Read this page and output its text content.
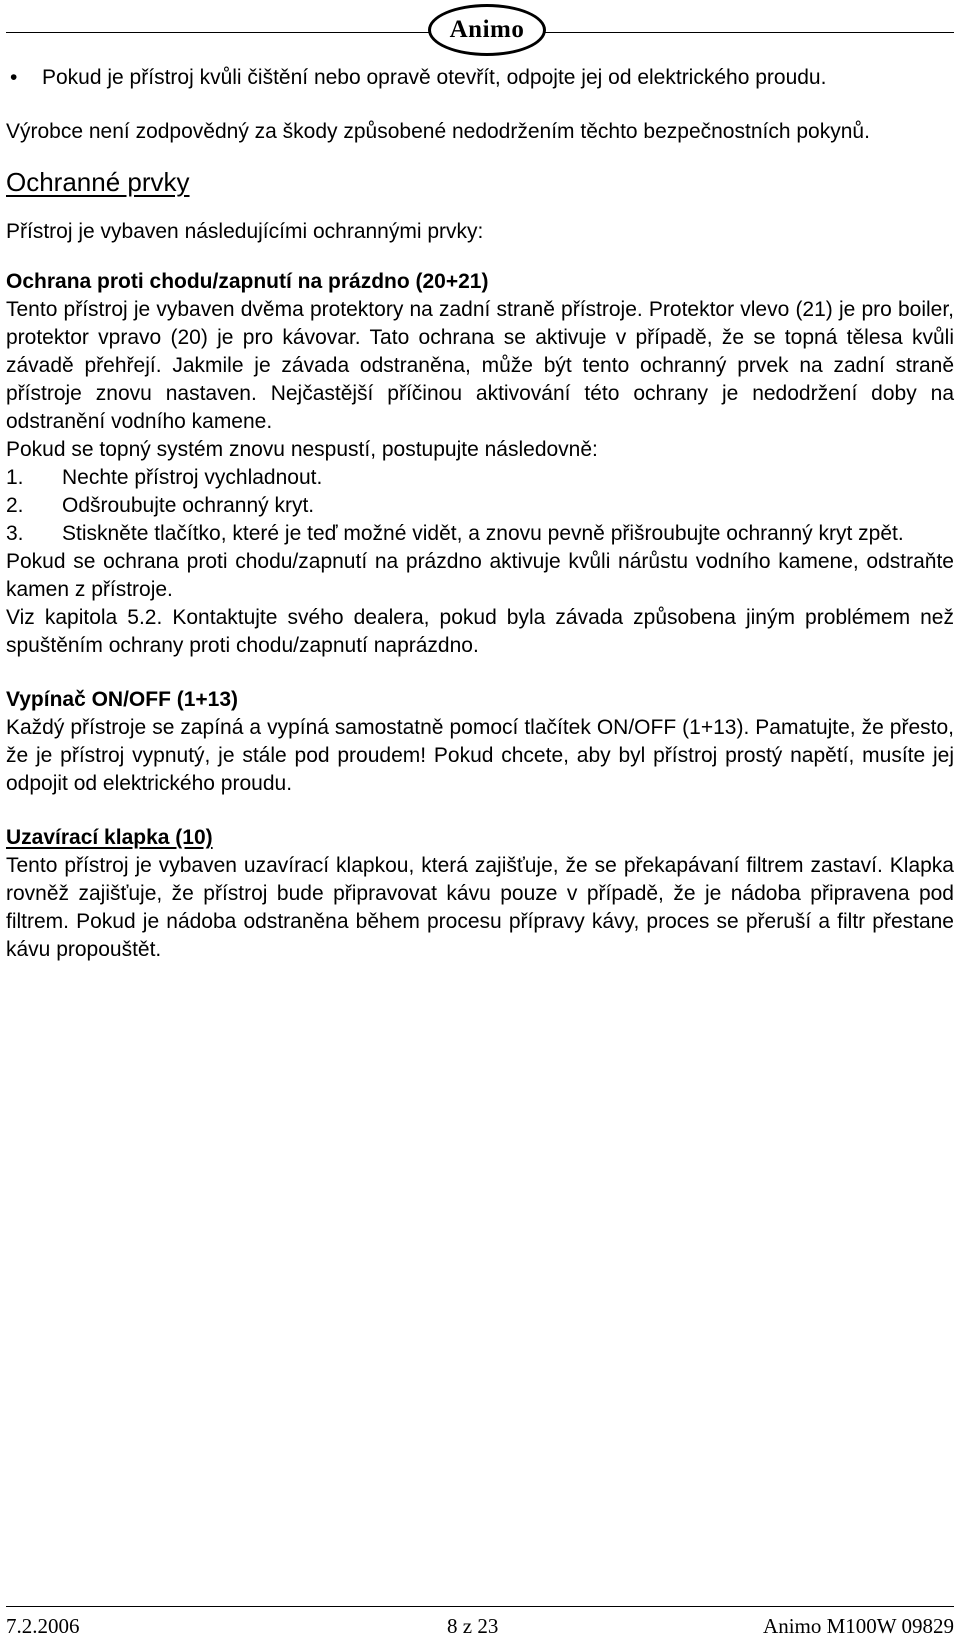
Animo

• Pokud je přístroj kvůli čištění nebo opravě otevřít, odpojte jej od elektrického proudu.

Výrobce není zodpovědný za škody způsobené nedodržením těchto bezpečnostních pokynů.

Ochranné prvky

Přístroj je vybaven následujícími ochrannými prvky:

Ochrana proti chodu/zapnutí na prázdno (20+21)

Tento přístroj je vybaven dvěma protektory na zadní straně přístroje. Protektor vlevo (21) je pro boiler, protektor vpravo (20) je pro kávovar. Tato ochrana se aktivuje v případě, že se topná tělesa kvůli závadě přehřejí. Jakmile je závada odstraněna, může být tento ochranný prvek na zadní straně přístroje znovu nastaven. Nejčastější příčinou aktivování této ochrany je nedodržení doby na odstranění vodního kamene.

Pokud se topný systém znovu nespustí, postupujte následovně:

1. Nechte přístroj vychladnout.

2. Odšroubujte ochranný kryt.

3. Stiskněte tlačítko, které je teď možné vidět, a znovu pevně přišroubujte ochranný kryt zpět.

Pokud se ochrana proti chodu/zapnutí na prázdno aktivuje kvůli nárůstu vodního kamene, odstraňte kamen z přístroje.

Viz kapitola 5.2. Kontaktujte svého dealera, pokud byla závada způsobena jiným problémem než spuštěním ochrany proti chodu/zapnutí naprázdno.

Vypínač ON/OFF (1+13)

Každý přístroje se zapíná a vypíná samostatně pomocí tlačítek ON/OFF (1+13). Pamatujte, že přesto, že je přístroj vypnutý, je stále pod proudem! Pokud chcete, aby byl přístroj prostý napětí, musíte jej odpojit od elektrického proudu.

Uzavírací klapka (10)

Tento přístroj je vybaven uzavírací klapkou, která zajišťuje, že se překapávaní filtrem zastaví. Klapka rovněž zajišťuje, že přístroj bude připravovat kávu pouze v případě, že je nádoba připravena pod filtrem. Pokud je nádoba odstraněna během procesu přípravy kávy, proces se přeruší a filtr přestane kávu propouštět.

7.2.2006	8 z 23	Animo M100W 09829
